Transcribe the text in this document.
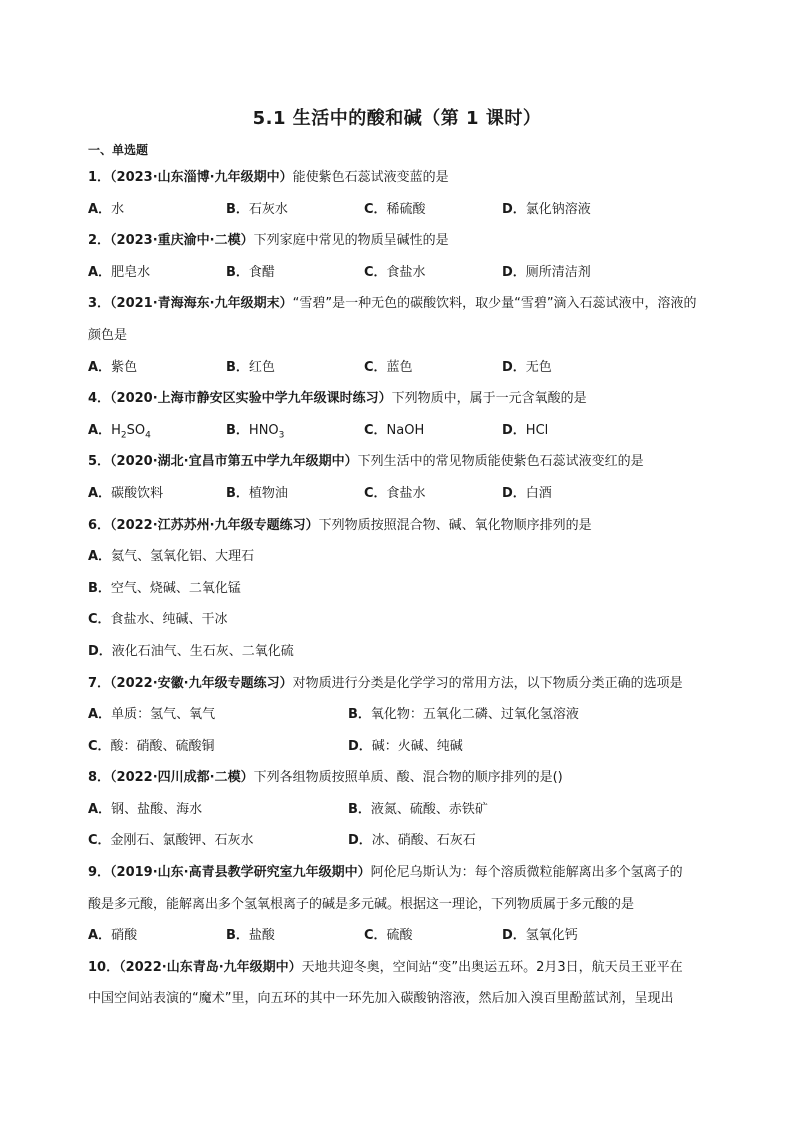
5.1 生活中的酸和碱（第 1 课时）
一、单选题
1．（2023·山东淄博·九年级期中）能使紫色石蕊试液变蓝的是
A．水	B．石灰水	C．稀硫酸	D．氯化钠溶液
2．（2023·重庆渝中·二模）下列家庭中常见的物质呈碱性的是
A．肥皂水	B．食醋	C．食盐水	D．厕所清洁剂
3．（2021·青海海东·九年级期末）“雪碧”是一种无色的碳酸饮料，取少量“雪碧”滴入石蕊试液中，溶液的
颜色是
A．紫色	B．红色	C．蓝色	D．无色
4．（2020·上海市静安区实验中学九年级课时练习）下列物质中，属于一元含氧酸的是
A．$H_2SO_4$	B．$HNO_3$	C．NaOH	D．HCl
5．（2020·湖北·宜昌市第五中学九年级期中）下列生活中的常见物质能使紫色石蕊试液变红的是
A．碳酸饮料	B．植物油	C．食盐水	D．白酒
6．（2022·江苏苏州·九年级专题练习）下列物质按照混合物、碱、氧化物顺序排列的是
A．氦气、氢氧化铝、大理石
B．空气、烧碱、二氧化锰
C．食盐水、纯碱、干冰
D．液化石油气、生石灰、二氧化硫
7．（2022·安徽·九年级专题练习）对物质进行分类是化学学习的常用方法，以下物质分类正确的选项是
A．单质：氢气、氧气	B．氧化物：五氧化二磷、过氧化氢溶液
C．酸：硝酸、硫酸铜	D．碱：火碱、纯碱
8．（2022·四川成都·二模）下列各组物质按照单质、酸、混合物的顺序排列的是()
A．钢、盐酸、海水	B．液氮、硫酸、赤铁矿
C．金刚石、氯酸钾、石灰水	D．冰、硝酸、石灰石
9．（2019·山东·高青县教学研究室九年级期中）阿伦尼乌斯认为：每个溶质微粒能解离出多个氢离子的
酸是多元酸，能解离出多个氢氧根离子的碱是多元碱。根据这一理论，下列物质属于多元酸的是
A．硝酸	B．盐酸	C．硫酸	D．氢氧化钙
10．（2022·山东青岛·九年级期中）天地共迎冬奥，空间站“变”出奥运五环。2月3日，航天员王亚平在
中国空间站表演的“魔术”里，向五环的其中一环先加入碳酸钠溶液，然后加入溴百里酚蓝试剂，呈现出
